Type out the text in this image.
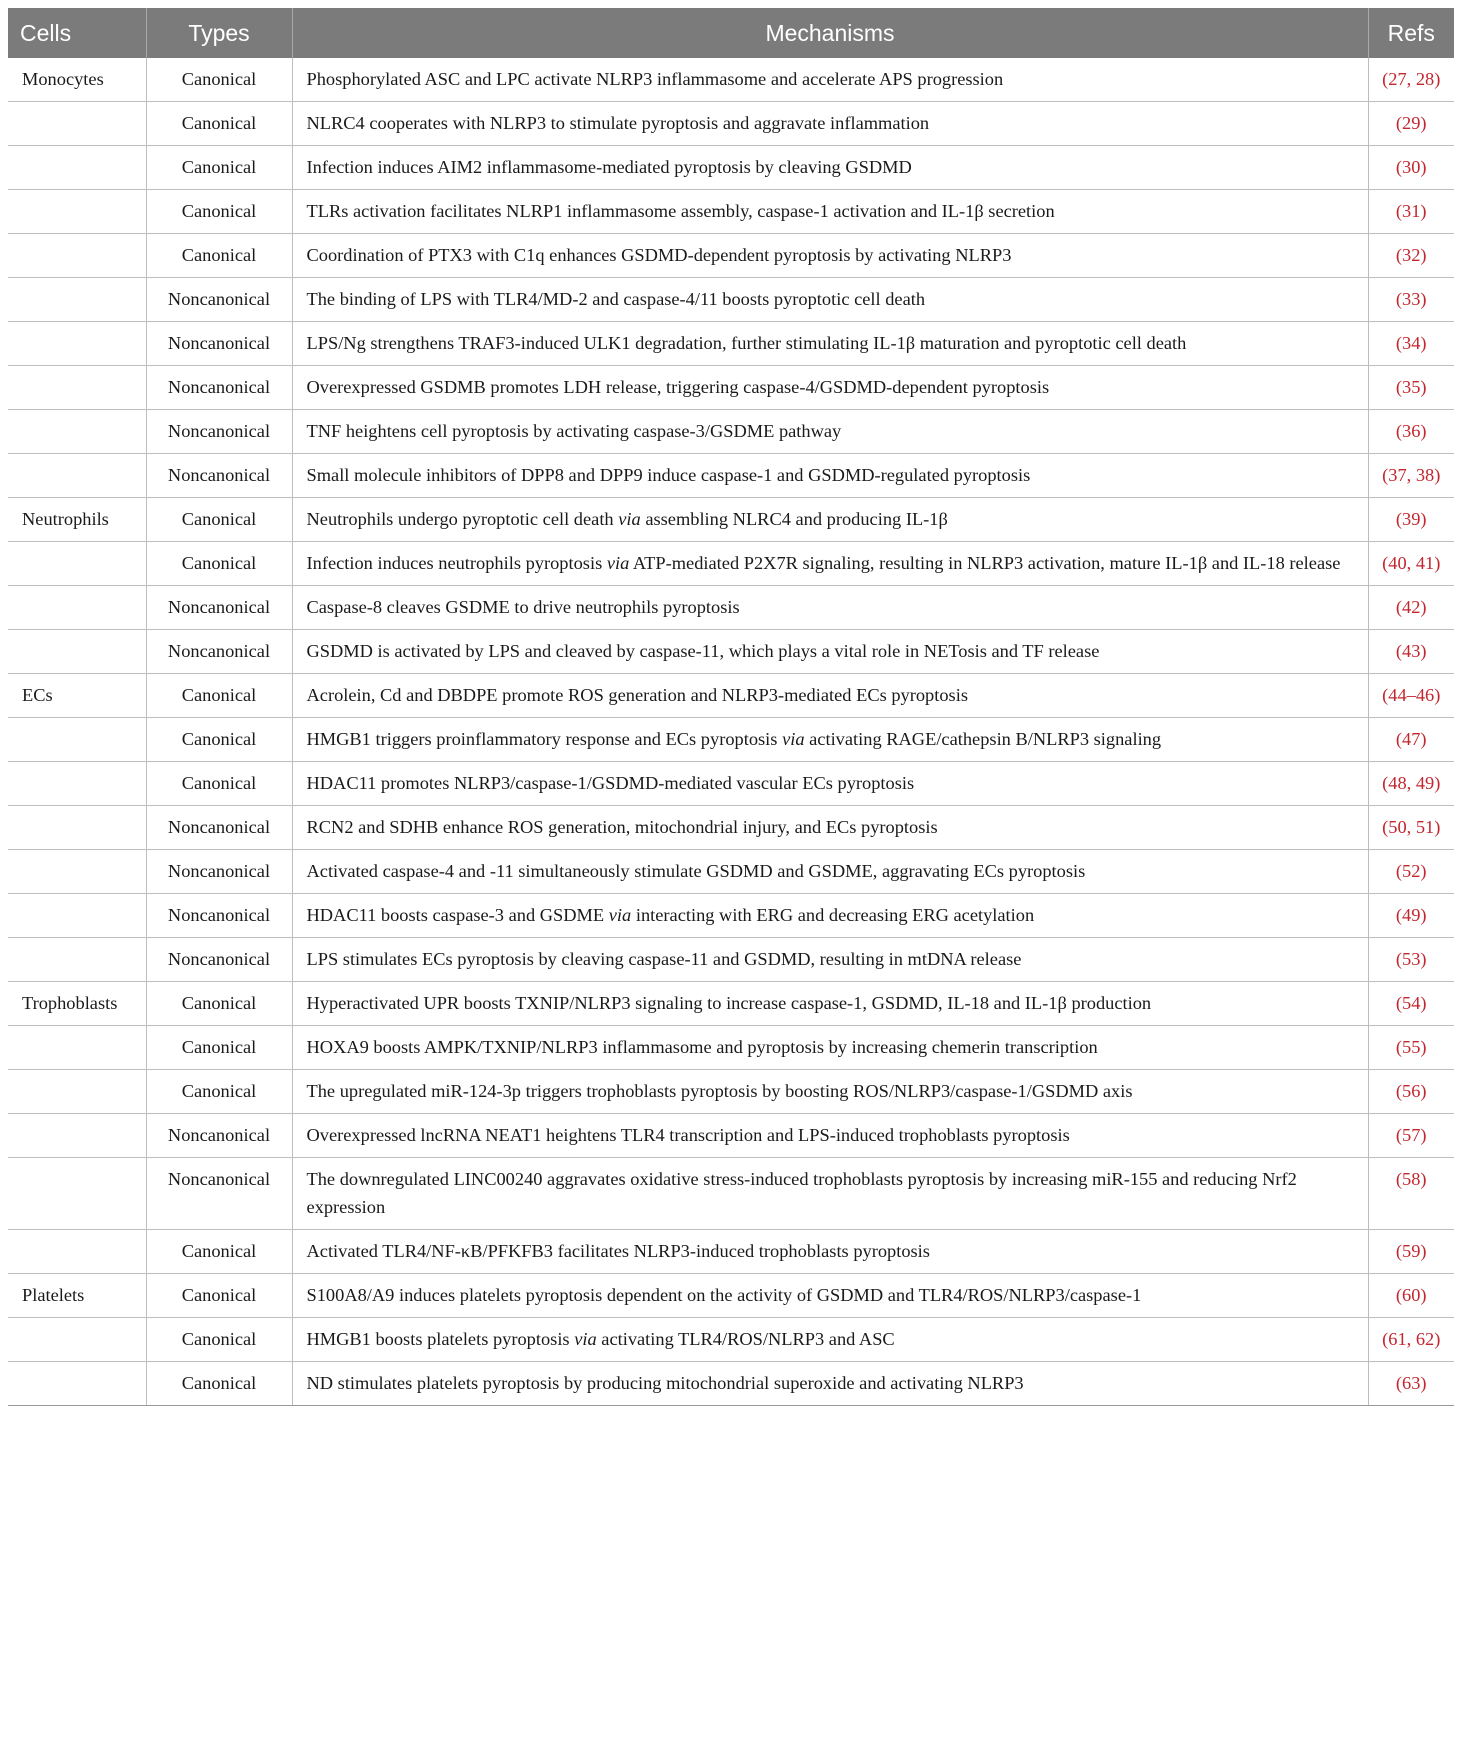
Cells	Types	Mechanisms	Refs
Monocytes	Canonical	Phosphorylated ASC and LPC activate NLRP3 inflammasome and accelerate APS progression	(27, 28)
	Canonical	NLRC4 cooperates with NLRP3 to stimulate pyroptosis and aggravate inflammation	(29)
	Canonical	Infection induces AIM2 inflammasome-mediated pyroptosis by cleaving GSDMD	(30)
	Canonical	TLRs activation facilitates NLRP1 inflammasome assembly, caspase-1 activation and IL-1β secretion	(31)
	Canonical	Coordination of PTX3 with C1q enhances GSDMD-dependent pyroptosis by activating NLRP3	(32)
	Noncanonical	The binding of LPS with TLR4/MD-2 and caspase-4/11 boosts pyroptotic cell death	(33)
	Noncanonical	LPS/Ng strengthens TRAF3-induced ULK1 degradation, further stimulating IL-1β maturation and pyroptotic cell death	(34)
	Noncanonical	Overexpressed GSDMB promotes LDH release, triggering caspase-4/GSDMD-dependent pyroptosis	(35)
	Noncanonical	TNF heightens cell pyroptosis by activating caspase-3/GSDME pathway	(36)
	Noncanonical	Small molecule inhibitors of DPP8 and DPP9 induce caspase-1 and GSDMD-regulated pyroptosis	(37, 38)
Neutrophils	Canonical	Neutrophils undergo pyroptotic cell death via assembling NLRC4 and producing IL-1β	(39)
	Canonical	Infection induces neutrophils pyroptosis via ATP-mediated P2X7R signaling, resulting in NLRP3 activation, mature IL-1β and IL-18 release	(40, 41)
	Noncanonical	Caspase-8 cleaves GSDME to drive neutrophils pyroptosis	(42)
	Noncanonical	GSDMD is activated by LPS and cleaved by caspase-11, which plays a vital role in NETosis and TF release	(43)
ECs	Canonical	Acrolein, Cd and DBDPE promote ROS generation and NLRP3-mediated ECs pyroptosis	(44–46)
	Canonical	HMGB1 triggers proinflammatory response and ECs pyroptosis via activating RAGE/cathepsin B/NLRP3 signaling	(47)
	Canonical	HDAC11 promotes NLRP3/caspase-1/GSDMD-mediated vascular ECs pyroptosis	(48, 49)
	Noncanonical	RCN2 and SDHB enhance ROS generation, mitochondrial injury, and ECs pyroptosis	(50, 51)
	Noncanonical	Activated caspase-4 and -11 simultaneously stimulate GSDMD and GSDME, aggravating ECs pyroptosis	(52)
	Noncanonical	HDAC11 boosts caspase-3 and GSDME via interacting with ERG and decreasing ERG acetylation	(49)
	Noncanonical	LPS stimulates ECs pyroptosis by cleaving caspase-11 and GSDMD, resulting in mtDNA release	(53)
Trophoblasts	Canonical	Hyperactivated UPR boosts TXNIP/NLRP3 signaling to increase caspase-1, GSDMD, IL-18 and IL-1β production	(54)
	Canonical	HOXA9 boosts AMPK/TXNIP/NLRP3 inflammasome and pyroptosis by increasing chemerin transcription	(55)
	Canonical	The upregulated miR-124-3p triggers trophoblasts pyroptosis by boosting ROS/NLRP3/caspase-1/GSDMD axis	(56)
	Noncanonical	Overexpressed lncRNA NEAT1 heightens TLR4 transcription and LPS-induced trophoblasts pyroptosis	(57)
	Noncanonical	The downregulated LINC00240 aggravates oxidative stress-induced trophoblasts pyroptosis by increasing miR-155 and reducing Nrf2 expression	(58)
	Canonical	Activated TLR4/NF-κB/PFKFB3 facilitates NLRP3-induced trophoblasts pyroptosis	(59)
Platelets	Canonical	S100A8/A9 induces platelets pyroptosis dependent on the activity of GSDMD and TLR4/ROS/NLRP3/caspase-1	(60)
	Canonical	HMGB1 boosts platelets pyroptosis via activating TLR4/ROS/NLRP3 and ASC	(61, 62)
	Canonical	ND stimulates platelets pyroptosis by producing mitochondrial superoxide and activating NLRP3	(63)
